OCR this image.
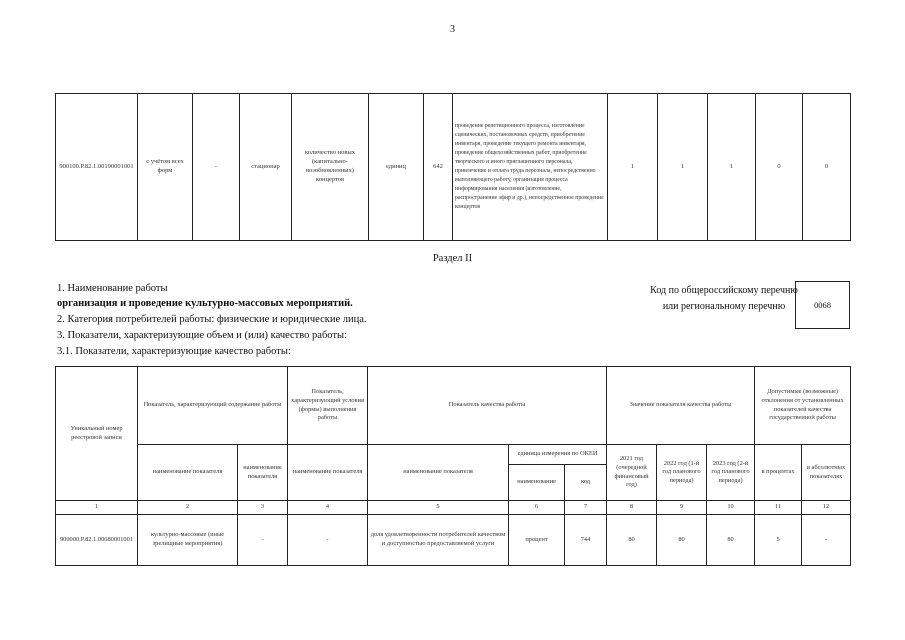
3
900100.Р.82.1.00190001001	с учётом всех форм	-	стационар	количество новых (капитально-возобновленных) концертов	единиц	642	проведение репетиционного процесса, изготовление сценических, постановочных средств, приобретение инвентаря, проведение текущего ремонта инвентаря, проведение общехозяйственных работ, приобретение творческого и иного приглашенного персонала, привлечение и оплата труда персонала, непосредственно выполняющего работу, организация процесса информирования населения (изготовление, распространение эфир и др.), непосредственное проведение концертов	1	1	1	0	0
Раздел II
1. Наименование работы
организация и проведение культурно-массовых мероприятий.
2. Категория потребителей работы: физические и юридические лица.
3. Показатели, характеризующие объем и (или) качество работы:
3.1. Показатели, характеризующие качество работы:
Код по общероссийскому перечню или региональному перечню	0068
Уникальный номер реестровой записи	Показатель, характеризующий содержание работы		Показатель, характеризующий условия (формы) выполнения работы	Показатель качества работы			Значение показателя качества работы			Допустимые (возможные) отклонения от установленных показателей качества государственной работы	
	наименование показателя	наименование показателя	наименование показателя	наименование показателя	единица измерения по ОКЕИ		2021 год (очередной финансовый год)	2022 год (1-й год планового периода)	2023 год (2-й год планового периода)	в процентах	в абсолютных показателях
					наименование	код					
1	2	3	4	5	6	7	8	9	10	11	12
900000.Р.82.1.00680001001	культурно-массовые (иные зрелищные мероприятия)	-	-	доля удовлетворенности потребителей качеством и доступностью предоставляемой услуги	процент	744	80	80	80	5	-
